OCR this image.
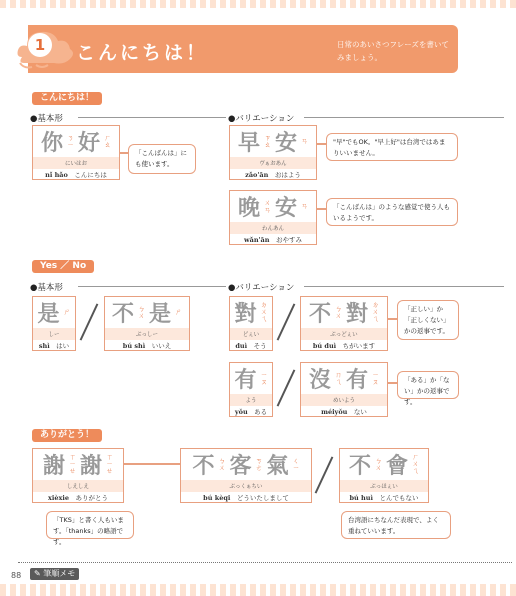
1	こんにちは！	日常のあいさつフレーズを書いてみましょう。
こんにちは！
●基本形	●バリエーション
你 ㄋㄧ 好 ㄏㄠ
にいはお
nǐ hǎo　 こんにちは
「こんばんは」にも使います。
早 ㄗㄠ 安 ㄢ
ヴぁおあん
zǎo'ān　 おはよう
"早"でもOK。"早上好"は台湾ではあまりいいません。
晚 ㄨㄢ 安 ㄢ
わんあん
wǎn'ān　 おやすみ
「こんばんは」のような感覚で使う人もいるようです。
Yes ／ No
●基本形	●バリエーション
是 ㄕ
しー
shì　 はい
不 ㄅㄨ 是 ㄕ
ぶっしー
bú shì　 いいえ
對 ㄉㄨㄟ
どぇい
duì　 そう
不 ㄅㄨ 對 ㄉㄨㄟ
ぶっどぇい
bú duì　 ちがいます
「正しい」か「正しくない」かの返事です。
有 ㄧㄡ
よう
yǒu　 ある
沒 ㄇㄟ 有 ㄧㄡ
めいよう
méiyǒu　 ない
「ある」か「ない」かの返事です。
ありがとう！
謝 ㄒㄧㄝ 謝 ㄒㄧㄝ
しえしえ
xièxie　 ありがとう
不 ㄅㄨ 客 ㄎㄜ 氣 ㄑㄧ
ぶっくぁちい
bú kèqi　 どういたしまして
不 ㄅㄨ 會 ㄏㄨㄟ
ぶっほぇい
bú huì　 とんでもない
「TKS」と書く人もいます。「thanks」の略語です。
台湾語にちなんだ表現で、よく重ねていいます。
88	✎ 筆順メモ
